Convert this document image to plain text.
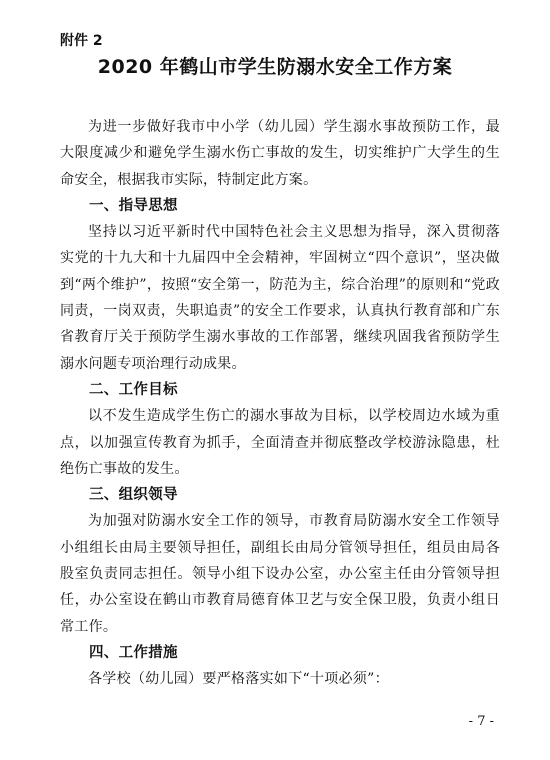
附件 2
2020 年鹤山市学生防溺水安全工作方案

为进一步做好我市中小学（幼儿园）学生溺水事故预防工作，最大限度减少和避免学生溺水伤亡事故的发生，切实维护广大学生的生命安全，根据我市实际，特制定此方案。

一、指导思想

坚持以习近平新时代中国特色社会主义思想为指导，深入贯彻落实党的十九大和十九届四中全会精神，牢固树立“四个意识”，坚决做到“两个维护”，按照“安全第一，防范为主，综合治理”的原则和“党政同责，一岗双责，失职追责”的安全工作要求，认真执行教育部和广东省教育厅关于预防学生溺水事故的工作部署，继续巩固我省预防学生溺水问题专项治理行动成果。

二、工作目标

以不发生造成学生伤亡的溺水事故为目标，以学校周边水域为重点，以加强宣传教育为抓手，全面清查并彻底整改学校游泳隐患，杜绝伤亡事故的发生。

三、组织领导

为加强对防溺水安全工作的领导，市教育局防溺水安全工作领导小组组长由局主要领导担任，副组长由局分管领导担任，组员由局各股室负责同志担任。领导小组下设办公室，办公室主任由分管领导担任，办公室设在鹤山市教育局德育体卫艺与安全保卫股，负责小组日常工作。

四、工作措施

各学校（幼儿园）要严格落实如下“十项必须”：

- 7 -
